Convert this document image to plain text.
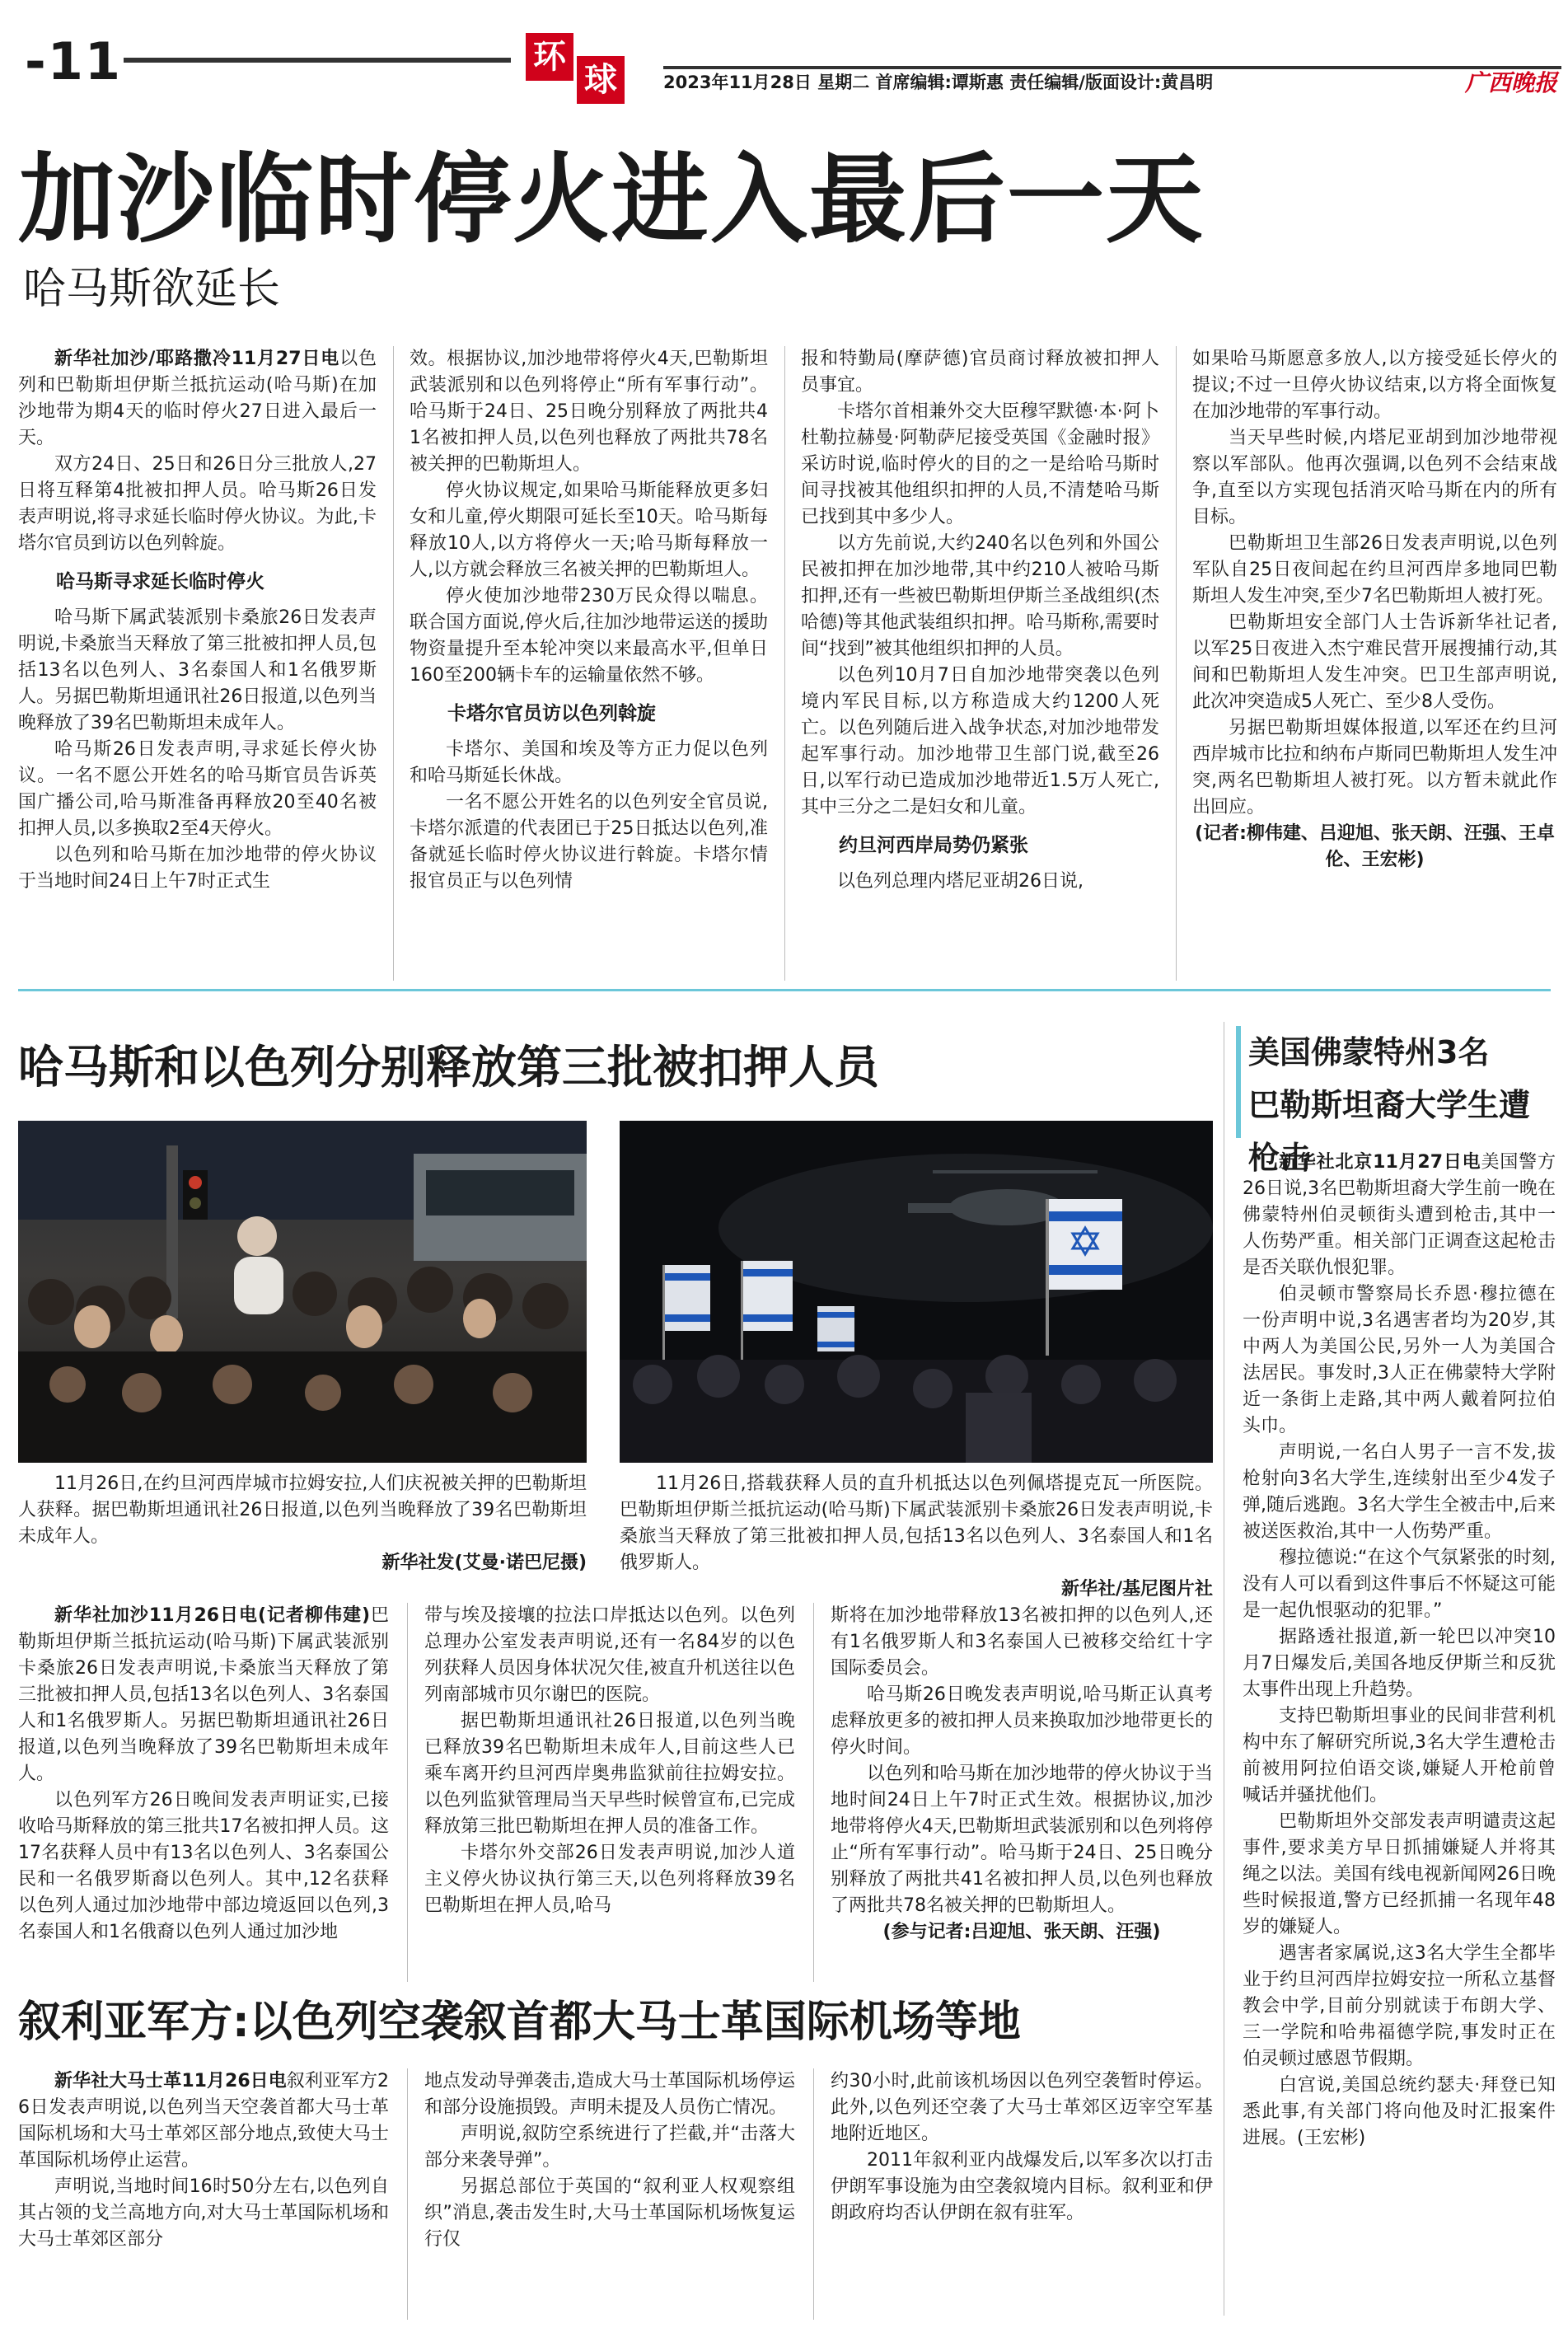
-11	环
球	2023年11月28日 星期二 首席编辑:谭斯惠 责任编辑/版面设计:黄昌明	广西晚报
加沙临时停火进入最后一天
哈马斯欲延长

新华社加沙/耶路撒冷11月27日电以色列和巴勒斯坦伊斯兰抵抗运动(哈马斯)在加沙地带为期4天的临时停火27日进入最后一天。

双方24日、25日和26日分三批放人,27日将互释第4批被扣押人员。哈马斯26日发表声明说,将寻求延长临时停火协议。为此,卡塔尔官员到访以色列斡旋。

哈马斯寻求延长临时停火

哈马斯下属武装派别卡桑旅26日发表声明说,卡桑旅当天释放了第三批被扣押人员,包括13名以色列人、3名泰国人和1名俄罗斯人。另据巴勒斯坦通讯社26日报道,以色列当晚释放了39名巴勒斯坦未成年人。

哈马斯26日发表声明,寻求延长停火协议。一名不愿公开姓名的哈马斯官员告诉英国广播公司,哈马斯准备再释放20至40名被扣押人员,以多换取2至4天停火。

以色列和哈马斯在加沙地带的停火协议于当地时间24日上午7时正式生

效。根据协议,加沙地带将停火4天,巴勒斯坦武装派别和以色列将停止“所有军事行动”。哈马斯于24日、25日晚分别释放了两批共41名被扣押人员,以色列也释放了两批共78名被关押的巴勒斯坦人。

停火协议规定,如果哈马斯能释放更多妇女和儿童,停火期限可延长至10天。哈马斯每释放10人,以方将停火一天;哈马斯每释放一人,以方就会释放三名被关押的巴勒斯坦人。

停火使加沙地带230万民众得以喘息。联合国方面说,停火后,往加沙地带运送的援助物资量提升至本轮冲突以来最高水平,但单日160至200辆卡车的运输量依然不够。

卡塔尔官员访以色列斡旋

卡塔尔、美国和埃及等方正力促以色列和哈马斯延长休战。

一名不愿公开姓名的以色列安全官员说,卡塔尔派遣的代表团已于25日抵达以色列,准备就延长临时停火协议进行斡旋。卡塔尔情报官员正与以色列情

报和特勤局(摩萨德)官员商讨释放被扣押人员事宜。

卡塔尔首相兼外交大臣穆罕默德·本·阿卜杜勒拉赫曼·阿勒萨尼接受英国《金融时报》采访时说,临时停火的目的之一是给哈马斯时间寻找被其他组织扣押的人员,不清楚哈马斯已找到其中多少人。

以方先前说,大约240名以色列和外国公民被扣押在加沙地带,其中约210人被哈马斯扣押,还有一些被巴勒斯坦伊斯兰圣战组织(杰哈德)等其他武装组织扣押。哈马斯称,需要时间“找到”被其他组织扣押的人员。

以色列10月7日自加沙地带突袭以色列境内军民目标,以方称造成大约1200人死亡。以色列随后进入战争状态,对加沙地带发起军事行动。加沙地带卫生部门说,截至26日,以军行动已造成加沙地带近1.5万人死亡,其中三分之二是妇女和儿童。

约旦河西岸局势仍紧张

以色列总理内塔尼亚胡26日说,

如果哈马斯愿意多放人,以方接受延长停火的提议;不过一旦停火协议结束,以方将全面恢复在加沙地带的军事行动。

当天早些时候,内塔尼亚胡到加沙地带视察以军部队。他再次强调,以色列不会结束战争,直至以方实现包括消灭哈马斯在内的所有目标。

巴勒斯坦卫生部26日发表声明说,以色列军队自25日夜间起在约旦河西岸多地同巴勒斯坦人发生冲突,至少7名巴勒斯坦人被打死。

巴勒斯坦安全部门人士告诉新华社记者,以军25日夜进入杰宁难民营开展搜捕行动,其间和巴勒斯坦人发生冲突。巴卫生部声明说,此次冲突造成5人死亡、至少8人受伤。

另据巴勒斯坦媒体报道,以军还在约旦河西岸城市比拉和纳布卢斯同巴勒斯坦人发生冲突,两名巴勒斯坦人被打死。以方暂未就此作出回应。

(记者:柳伟建、吕迎旭、张天朗、汪强、王卓伦、王宏彬)

哈马斯和以色列分别释放第三批被扣押人员

11月26日,在约旦河西岸城市拉姆安拉,人们庆祝被关押的巴勒斯坦人获释。据巴勒斯坦通讯社26日报道,以色列当晚释放了39名巴勒斯坦未成年人。

新华社发(艾曼·诺巴尼摄)

11月26日,搭载获释人员的直升机抵达以色列佩塔提克瓦一所医院。巴勒斯坦伊斯兰抵抗运动(哈马斯)下属武装派别卡桑旅26日发表声明说,卡桑旅当天释放了第三批被扣押人员,包括13名以色列人、3名泰国人和1名俄罗斯人。

新华社/基尼图片社

新华社加沙11月26日电(记者柳伟建)巴勒斯坦伊斯兰抵抗运动(哈马斯)下属武装派别卡桑旅26日发表声明说,卡桑旅当天释放了第三批被扣押人员,包括13名以色列人、3名泰国人和1名俄罗斯人。另据巴勒斯坦通讯社26日报道,以色列当晚释放了39名巴勒斯坦未成年人。

以色列军方26日晚间发表声明证实,已接收哈马斯释放的第三批共17名被扣押人员。这17名获释人员中有13名以色列人、3名泰国公民和一名俄罗斯裔以色列人。其中,12名获释以色列人通过加沙地带中部边境返回以色列,3名泰国人和1名俄裔以色列人通过加沙地

带与埃及接壤的拉法口岸抵达以色列。以色列总理办公室发表声明说,还有一名84岁的以色列获释人员因身体状况欠佳,被直升机送往以色列南部城市贝尔谢巴的医院。

据巴勒斯坦通讯社26日报道,以色列当晚已释放39名巴勒斯坦未成年人,目前这些人已乘车离开约旦河西岸奥弗监狱前往拉姆安拉。以色列监狱管理局当天早些时候曾宣布,已完成释放第三批巴勒斯坦在押人员的准备工作。

卡塔尔外交部26日发表声明说,加沙人道主义停火协议执行第三天,以色列将释放39名巴勒斯坦在押人员,哈马

斯将在加沙地带释放13名被扣押的以色列人,还有1名俄罗斯人和3名泰国人已被移交给红十字国际委员会。

哈马斯26日晚发表声明说,哈马斯正认真考虑释放更多的被扣押人员来换取加沙地带更长的停火时间。

以色列和哈马斯在加沙地带的停火协议于当地时间24日上午7时正式生效。根据协议,加沙地带将停火4天,巴勒斯坦武装派别和以色列将停止“所有军事行动”。哈马斯于24日、25日晚分别释放了两批共41名被扣押人员,以色列也释放了两批共78名被关押的巴勒斯坦人。

(参与记者:吕迎旭、张天朗、汪强)

美国佛蒙特州3名
巴勒斯坦裔大学生遭枪击

新华社北京11月27日电美国警方26日说,3名巴勒斯坦裔大学生前一晚在佛蒙特州伯灵顿街头遭到枪击,其中一人伤势严重。相关部门正调查这起枪击是否关联仇恨犯罪。

伯灵顿市警察局长乔恩·穆拉德在一份声明中说,3名遇害者均为20岁,其中两人为美国公民,另外一人为美国合法居民。事发时,3人正在佛蒙特大学附近一条街上走路,其中两人戴着阿拉伯头巾。

声明说,一名白人男子一言不发,拔枪射向3名大学生,连续射出至少4发子弹,随后逃跑。3名大学生全被击中,后来被送医救治,其中一人伤势严重。

穆拉德说:“在这个气氛紧张的时刻,没有人可以看到这件事后不怀疑这可能是一起仇恨驱动的犯罪。”

据路透社报道,新一轮巴以冲突10月7日爆发后,美国各地反伊斯兰和反犹太事件出现上升趋势。

支持巴勒斯坦事业的民间非营利机构中东了解研究所说,3名大学生遭枪击前被用阿拉伯语交谈,嫌疑人开枪前曾喊话并骚扰他们。

巴勒斯坦外交部发表声明谴责这起事件,要求美方早日抓捕嫌疑人并将其绳之以法。美国有线电视新闻网26日晚些时候报道,警方已经抓捕一名现年48岁的嫌疑人。

遇害者家属说,这3名大学生全都毕业于约旦河西岸拉姆安拉一所私立基督教会中学,目前分别就读于布朗大学、三一学院和哈弗福德学院,事发时正在伯灵顿过感恩节假期。

白宫说,美国总统约瑟夫·拜登已知悉此事,有关部门将向他及时汇报案件进展。(王宏彬)

叙利亚军方:以色列空袭叙首都大马士革国际机场等地

新华社大马士革11月26日电叙利亚军方26日发表声明说,以色列当天空袭首都大马士革国际机场和大马士革郊区部分地点,致使大马士革国际机场停止运营。

声明说,当地时间16时50分左右,以色列自其占领的戈兰高地方向,对大马士革国际机场和大马士革郊区部分

地点发动导弹袭击,造成大马士革国际机场停运和部分设施损毁。声明未提及人员伤亡情况。

声明说,叙防空系统进行了拦截,并“击落大部分来袭导弹”。

另据总部位于英国的“叙利亚人权观察组织”消息,袭击发生时,大马士革国际机场恢复运行仅

约30小时,此前该机场因以色列空袭暂时停运。此外,以色列还空袭了大马士革郊区迈宰空军基地附近地区。

2011年叙利亚内战爆发后,以军多次以打击伊朗军事设施为由空袭叙境内目标。叙利亚和伊朗政府均否认伊朗在叙有驻军。
